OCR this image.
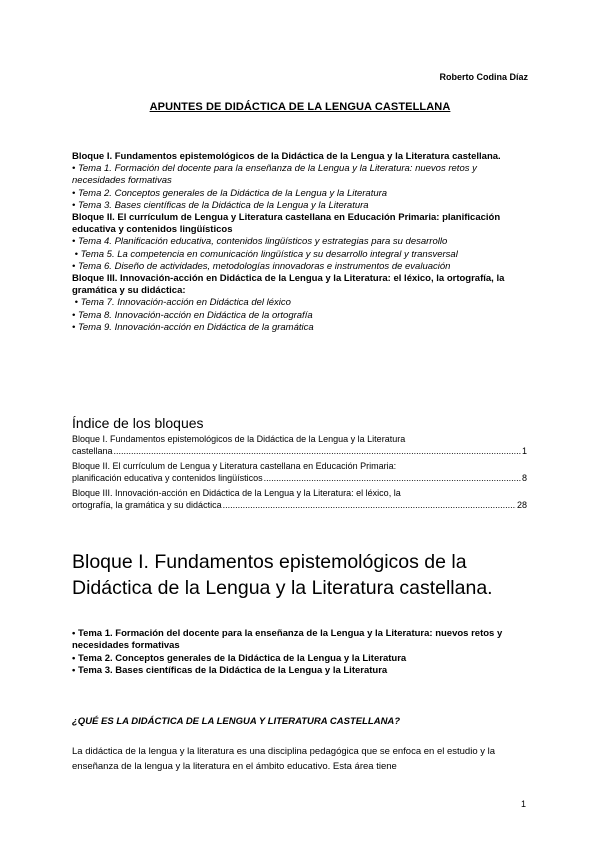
Roberto Codina Díaz
APUNTES DE DIDÁCTICA DE LA LENGUA CASTELLANA
Bloque I. Fundamentos epistemológicos de la Didáctica de la Lengua y la Literatura castellana.
• Tema 1. Formación del docente para la enseñanza de la Lengua y la Literatura: nuevos retos y necesidades formativas
• Tema 2. Conceptos generales de la Didáctica de la Lengua y la Literatura
• Tema 3. Bases científicas de la Didáctica de la Lengua y la Literatura
Bloque II. El currículum de Lengua y Literatura castellana en Educación Primaria: planificación educativa y contenidos lingüísticos
• Tema 4. Planificación educativa, contenidos lingüísticos y estrategias para su desarrollo
• Tema 5. La competencia en comunicación lingüística y su desarrollo integral y transversal
• Tema 6. Diseño de actividades, metodologías innovadoras e instrumentos de evaluación
Bloque III. Innovación-acción en Didáctica de la Lengua y la Literatura: el léxico, la ortografía, la gramática y su didáctica:
• Tema 7. Innovación-acción en Didáctica del léxico
• Tema 8. Innovación-acción en Didáctica de la ortografía
• Tema 9. Innovación-acción en Didáctica de la gramática
Índice de los bloques
Bloque I. Fundamentos epistemológicos de la Didáctica de la Lengua y la Literatura
castellana .....	1
Bloque II. El currículum de Lengua y Literatura castellana en Educación Primaria:
planificación educativa y contenidos lingüísticos .....	8
Bloque III. Innovación-acción en Didáctica de la Lengua y la Literatura: el léxico, la
ortografía, la gramática y su didáctica .....	28
Bloque I. Fundamentos epistemológicos de la Didáctica de la Lengua y la Literatura castellana.
• Tema 1. Formación del docente para la enseñanza de la Lengua y la Literatura: nuevos retos y necesidades formativas
• Tema 2. Conceptos generales de la Didáctica de la Lengua y la Literatura
• Tema 3. Bases científicas de la Didáctica de la Lengua y la Literatura
¿QUÉ ES LA DIDÁCTICA DE LA LENGUA Y LITERATURA CASTELLANA?
La didáctica de la lengua y la literatura es una disciplina pedagógica que se enfoca en el estudio y la enseñanza de la lengua y la literatura en el ámbito educativo. Esta área tiene
1
